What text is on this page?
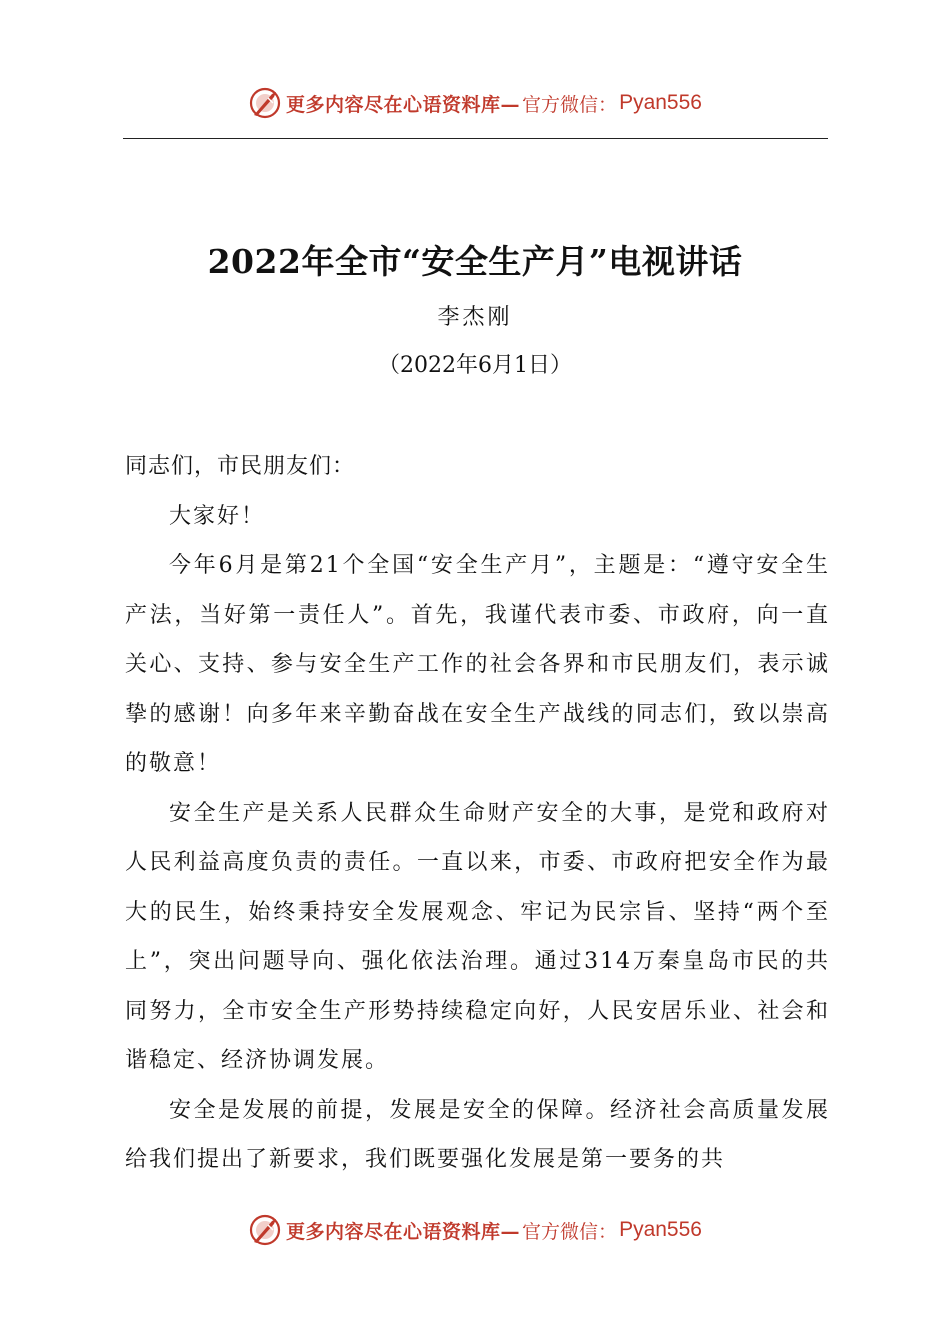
更多内容尽在心语资料库— 官方微信： Pyan556
2022年全市“安全生产月”电视讲话
李杰刚
（2022年6月1日）

同志们，市民朋友们：

大家好！

今年6月是第21个全国“安全生产月”，主题是：“遵守安全生产法，当好第一责任人”。首先，我谨代表市委、市政府，向一直关心、支持、参与安全生产工作的社会各界和市民朋友们，表示诚挚的感谢！向多年来辛勤奋战在安全生产战线的同志们，致以崇高的敬意！

安全生产是关系人民群众生命财产安全的大事，是党和政府对人民利益高度负责的责任。一直以来，市委、市政府把安全作为最大的民生，始终秉持安全发展观念、牢记为民宗旨、坚持“两个至上”，突出问题导向、强化依法治理。通过314万秦皇岛市民的共同努力，全市安全生产形势持续稳定向好，人民安居乐业、社会和谐稳定、经济协调发展。

安全是发展的前提，发展是安全的保障。经济社会高质量发展给我们提出了新要求，我们既要强化发展是第一要务的共

更多内容尽在心语资料库— 官方微信： Pyan556
